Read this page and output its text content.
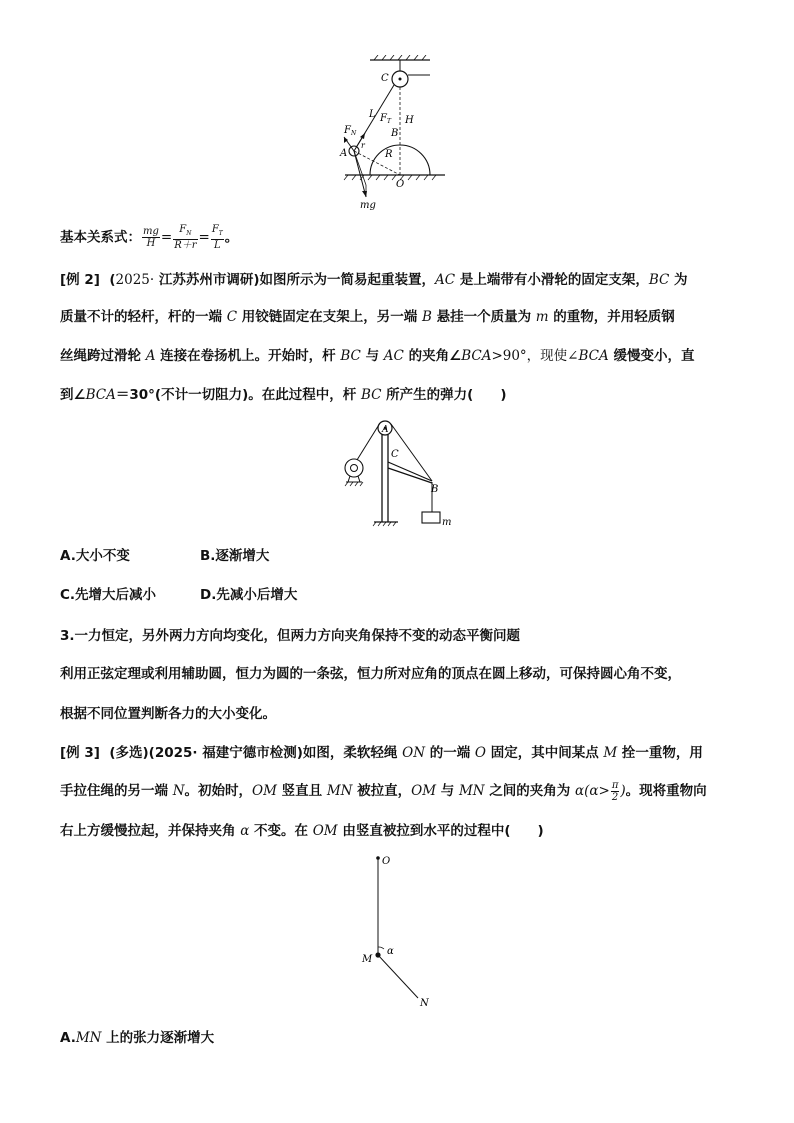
C
L $F_T$
B
H
$F_N$
A
r
R
O
mg
基本关系式： $\frac{mg}{H} = \frac{F_N}{R+r} = \frac{F_T}{L}$ 。
[例 2] (2025· 江苏苏州市调研)如图所示为一简易起重装置，AC 是上端带有小滑轮的固定支架，BC 为
质量不计的轻杆，杆的一端 C 用铰链固定在支架上，另一端 B 悬挂一个质量为 m 的重物，并用轻质钢
丝绳跨过滑轮 A 连接在卷扬机上。开始时，杆 BC 与 AC 的夹角∠BCA>90°，现使∠BCA 缓慢变小，直
到∠BCA＝30°(不计一切阻力)。在此过程中，杆 BC 所产生的弹力(　　)
A
C
B
m
A.大小不变	B.逐渐增大
C.先增大后减小	D.先减小后增大
3.一力恒定，另外两力方向均变化，但两力方向夹角保持不变的动态平衡问题
利用正弦定理或利用辅助圆，恒力为圆的一条弦，恒力所对应角的顶点在圆上移动，可保持圆心角不变，
根据不同位置判断各力的大小变化。
[例 3] (多选)(2025· 福建宁德市检测)如图，柔软轻绳 ON 的一端 O 固定，其中间某点 M 拴一重物，用
手拉住绳的另一端 N。初始时，OM 竖直且 MN 被拉直，OM 与 MN 之间的夹角为 $\alpha(\alpha> \frac{\pi}{2}$ )。现将重物向
右上方缓慢拉起，并保持夹角 α 不变。在 OM 由竖直被拉到水平的过程中(　　)
O
M
α
N
A.MN 上的张力逐渐增大
